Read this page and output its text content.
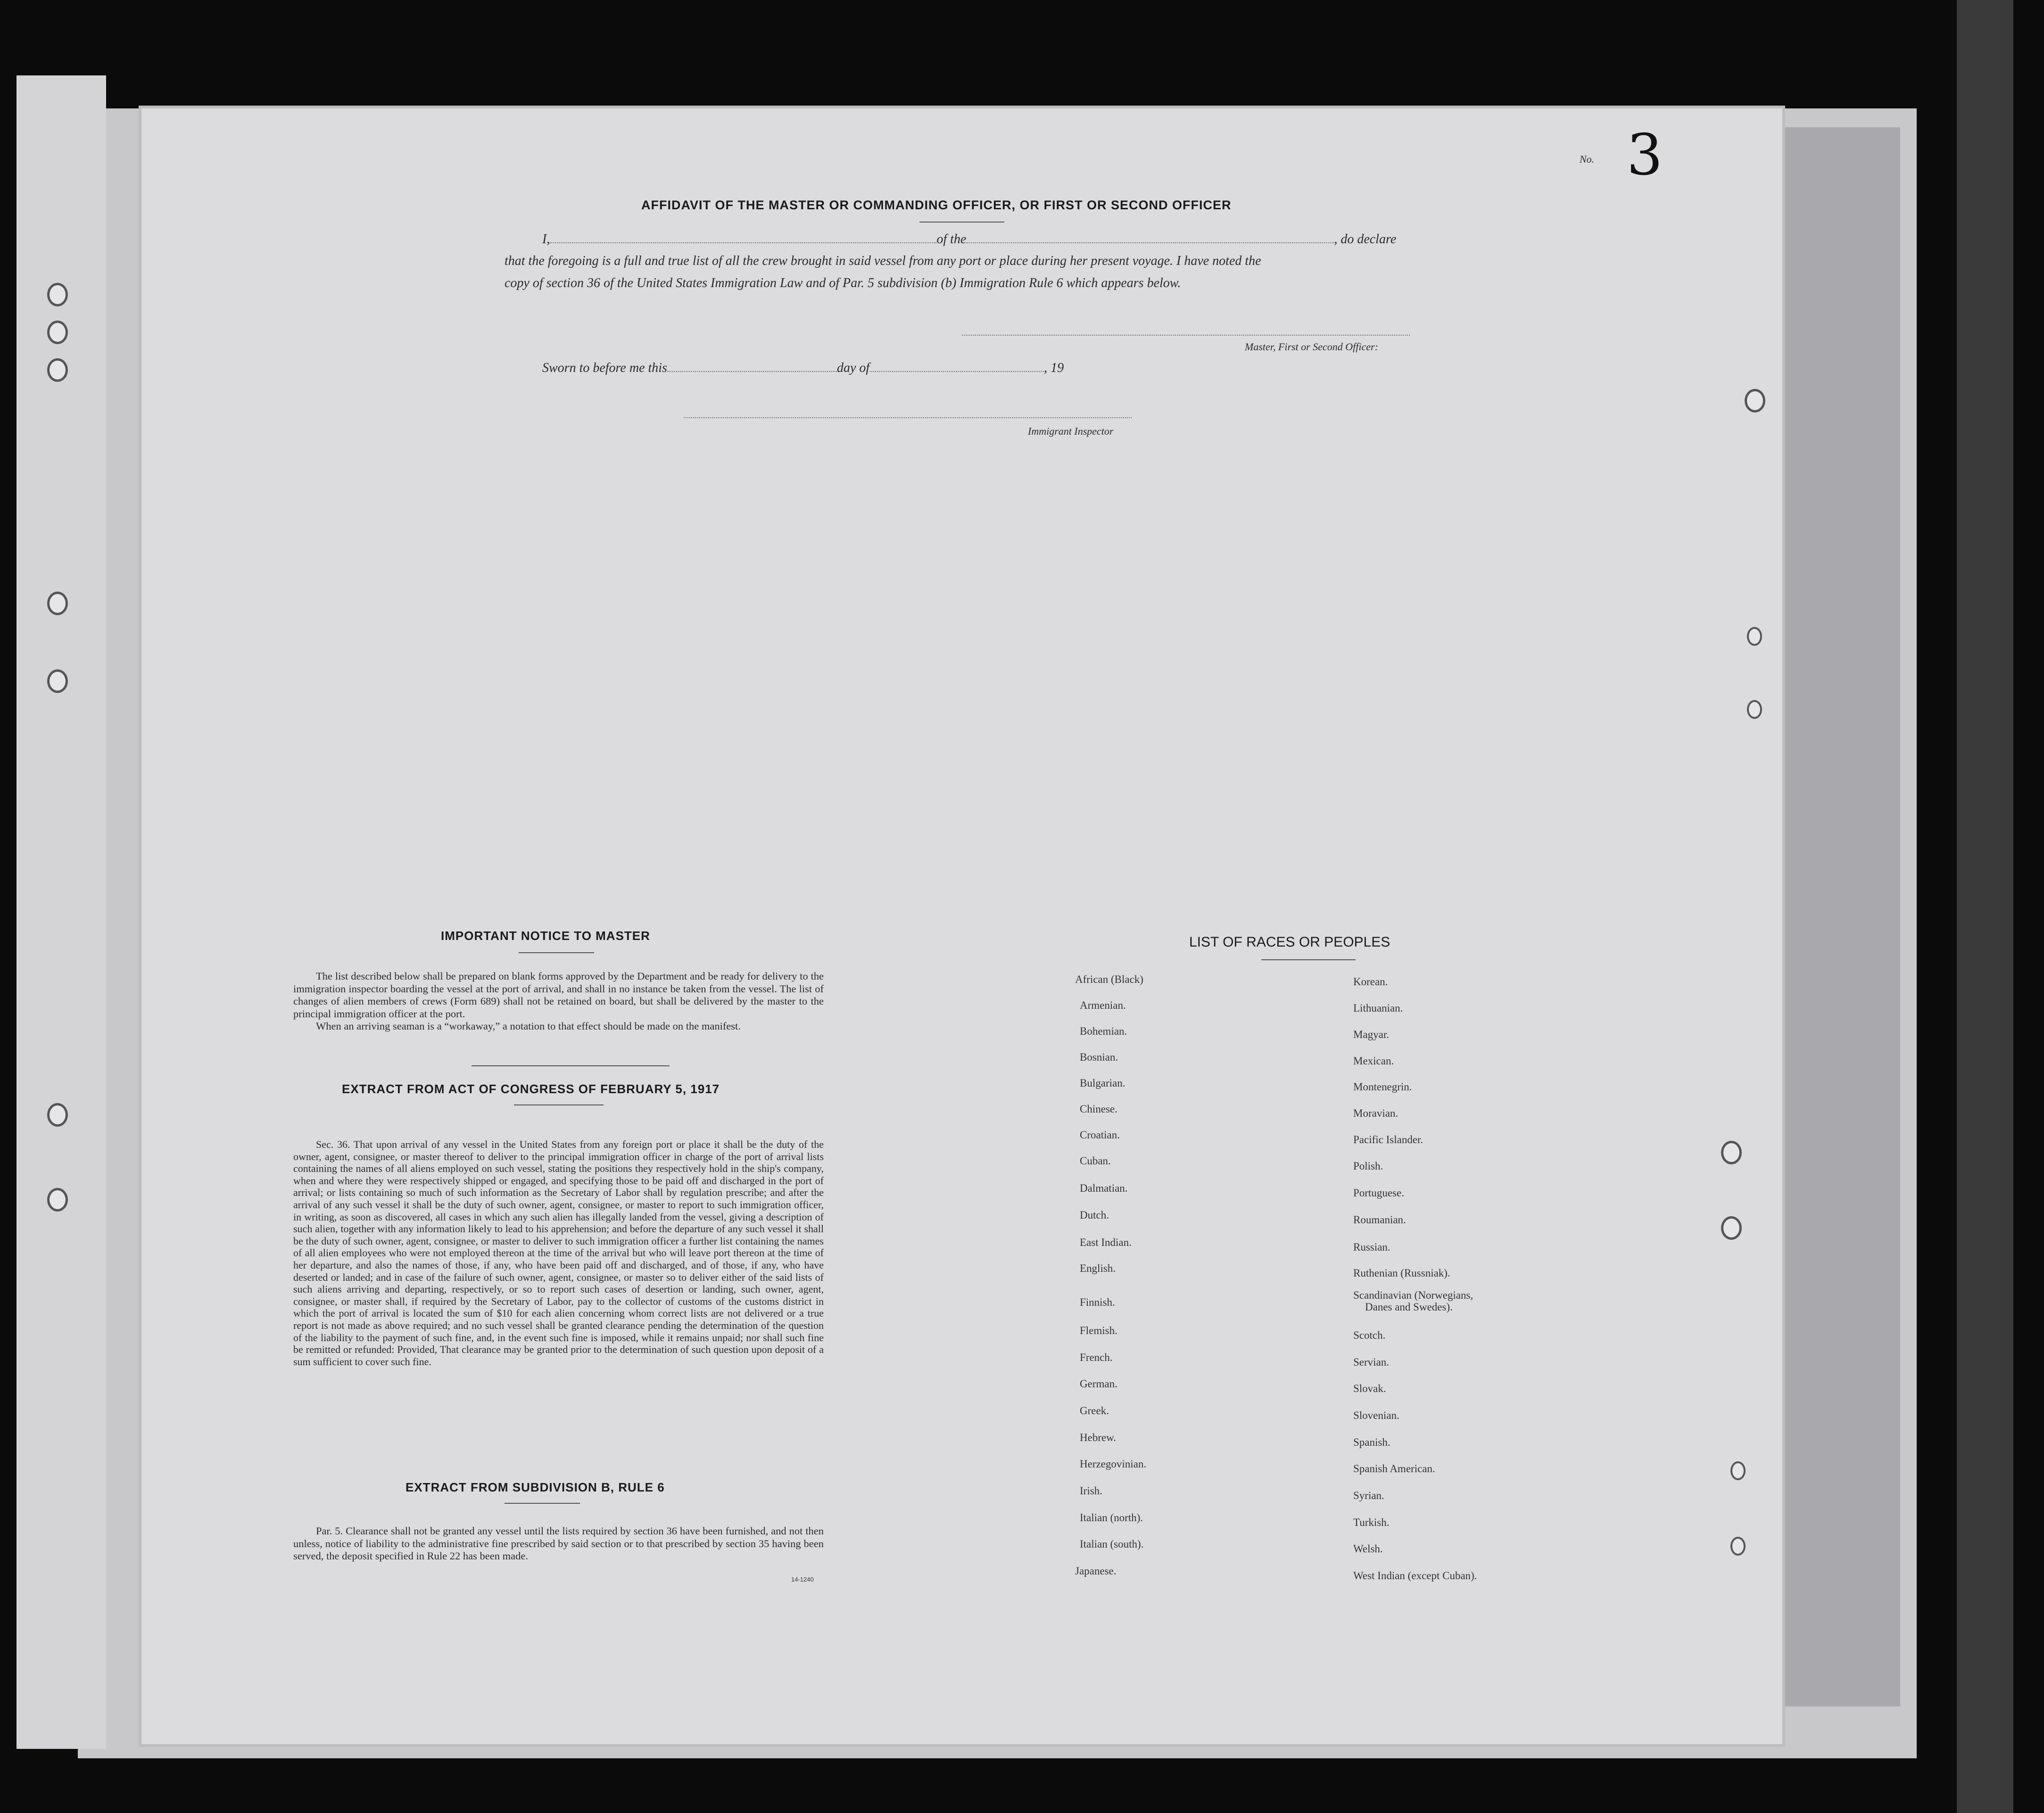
No. 3
AFFIDAVIT OF THE MASTER OR COMMANDING OFFICER, OR FIRST OR SECOND OFFICER
I,	of the	, do declare
that the foregoing is a full and true list of all the crew brought in said vessel from any port or place during her present voyage. I have noted the
copy of section 36 of the United States Immigration Law and of Par. 5 subdivision (b) Immigration Rule 6 which appears below.
Master, First or Second Officer:
Sworn to before me this	day of	, 19
Immigrant Inspector
IMPORTANT NOTICE TO MASTER

The list described below shall be prepared on blank forms approved by the Department and be ready for delivery to the immigration inspector boarding the vessel at the port of arrival, and shall in no instance be taken from the vessel. The list of changes of alien members of crews (Form 689) shall not be retained on board, but shall be delivered by the master to the principal immigration officer at the port.

When an arriving seaman is a “workaway,” a notation to that effect should be made on the manifest.

EXTRACT FROM ACT OF CONGRESS OF FEBRUARY 5, 1917

Sec. 36. That upon arrival of any vessel in the United States from any foreign port or place it shall be the duty of the owner, agent, consignee, or master thereof to deliver to the principal immigration officer in charge of the port of arrival lists containing the names of all aliens employed on such vessel, stating the positions they respectively hold in the ship's company, when and where they were respectively shipped or engaged, and specifying those to be paid off and discharged in the port of arrival; or lists containing so much of such information as the Secretary of Labor shall by regulation prescribe; and after the arrival of any such vessel it shall be the duty of such owner, agent, consignee, or master to report to such immigration officer, in writing, as soon as discovered, all cases in which any such alien has illegally landed from the vessel, giving a description of such alien, together with any information likely to lead to his apprehension; and before the departure of any such vessel it shall be the duty of such owner, agent, consignee, or master to deliver to such immigration officer a further list containing the names of all alien employees who were not employed thereon at the time of the arrival but who will leave port thereon at the time of her departure, and also the names of those, if any, who have been paid off and discharged, and of those, if any, who have deserted or landed; and in case of the failure of such owner, agent, consignee, or master so to deliver either of the said lists of such aliens arriving and departing, respectively, or so to report such cases of desertion or landing, such owner, agent, consignee, or master shall, if required by the Secretary of Labor, pay to the collector of customs of the customs district in which the port of arrival is located the sum of $10 for each alien concerning whom correct lists are not delivered or a true report is not made as above required; and no such vessel shall be granted clearance pending the determination of the question of the liability to the payment of such fine, and, in the event such fine is imposed, while it remains unpaid; nor shall such fine be remitted or refunded: Provided, That clearance may be granted prior to the determination of such question upon deposit of a sum sufficient to cover such fine.

EXTRACT FROM SUBDIVISION B, RULE 6

Par. 5. Clearance shall not be granted any vessel until the lists required by section 36 have been furnished, and not then unless, notice of liability to the administrative fine prescribed by said section or to that prescribed by section 35 having been served, the deposit specified in Rule 22 has been made.

14-1240
LIST OF RACES OR PEOPLES
African (Black)
Armenian.
Bohemian.
Bosnian.
Bulgarian.
Chinese.
Croatian.
Cuban.
Dalmatian.
Dutch.
East Indian.
English.
Finnish.
Flemish.
French.
German.
Greek.
Hebrew.
Herzegovinian.
Irish.
Italian (north).
Italian (south).
Japanese.
Korean.
Lithuanian.
Magyar.
Mexican.
Montenegrin.
Moravian.
Pacific Islander.
Polish.
Portuguese.
Roumanian.
Russian.
Ruthenian (Russniak).
Scandinavian (Norwegians,
Danes and Swedes).
Scotch.
Servian.
Slovak.
Slovenian.
Spanish.
Spanish American.
Syrian.
Turkish.
Welsh.
West Indian (except Cuban).
